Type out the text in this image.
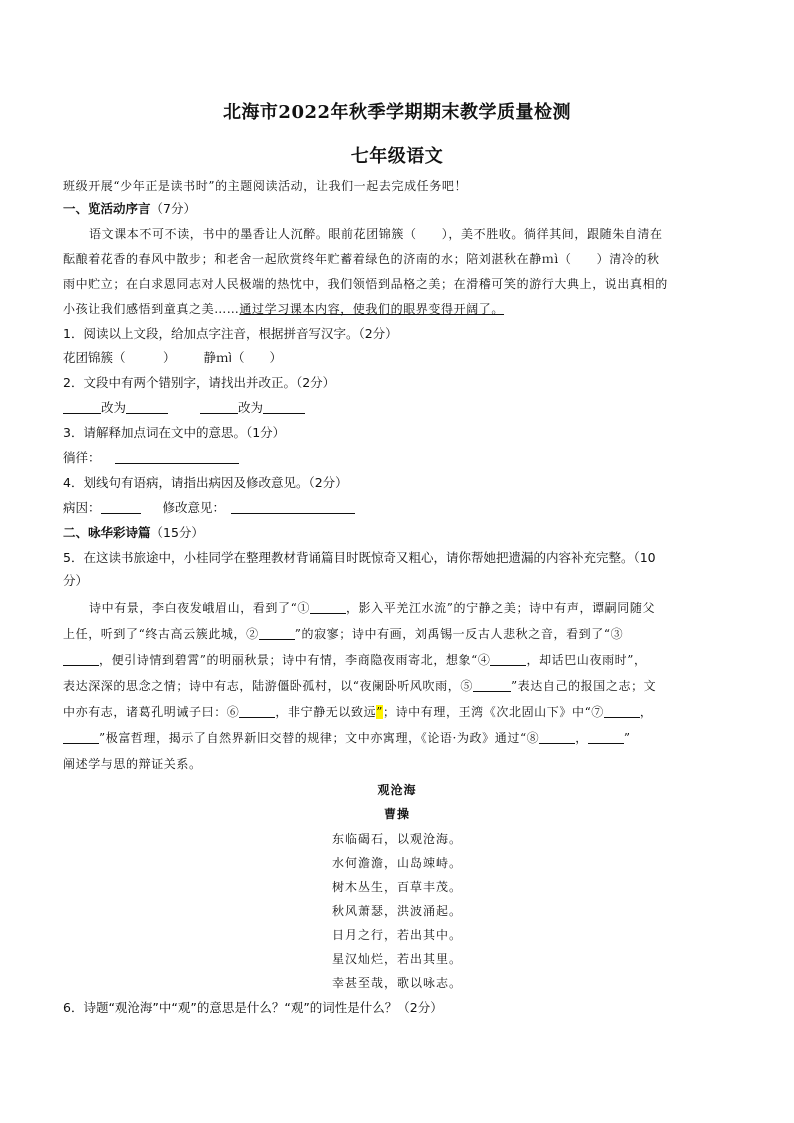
北海市2022年秋季学期期末教学质量检测
七年级语文
班级开展“少年正是读书时”的主题阅读活动，让我们一起去完成任务吧！
一、览活动序言（7分）
语文课本不可不读，书中的墨香让人沉醉。眼前花团锦簇（　　），美不胜收。徜徉其间，跟随朱自清在
酝酿着花香的春风中散步；和老舍一起欣赏终年贮蓄着绿色的济南的水；陪刘湛秋在静ｍì（　　）清冷的秋
雨中贮立；在白求恩同志对人民极端的热忱中，我们领悟到品格之美；在滑稽可笑的游行大典上，说出真相的
小孩让我们感悟到童真之美……通过学习课本内容，使我们的眼界变得开阔了。
1．阅读以上文段，给加点字注音，根据拼音写汉字。（2分）
花团锦簇（　　　） 静ｍì（　　）
2．文段中有两个错别字，请找出并改正。（2分）
改为	改为
3．请解释加点词在文中的意思。（1分）
徜徉：
4．划线句有语病，请指出病因及修改意见。（2分）
病因：	修改意见：
二、咏华彩诗篇（15分）
5．在这读书旅途中，小桂同学在整理教材背诵篇目时既惊奇又粗心，请你帮她把遗漏的内容补充完整。（10
分）
诗中有景，李白夜发峨眉山，看到了“①	，影入平羌江水流”的宁静之美；诗中有声，谭嗣同随父
上任，听到了“终古高云簇此城，②	”的寂寥；诗中有画，刘禹锡一反古人悲秋之音，看到了“③
，便引诗情到碧霄”的明丽秋景；诗中有情，李商隐夜雨寄北，想象“④	，却话巴山夜雨时”，
表达深深的思念之情；诗中有志，陆游僵卧孤村，以“夜阑卧听风吹雨，⑤	”表达自己的报国之志；文
中亦有志，诸葛孔明诫子曰：⑥	，非宁静无以致远”；诗中有理，王湾《次北固山下》中“⑦	，
”极富哲理，揭示了自然界新旧交替的规律；文中亦寓理，《论语·为政》通过“⑧	，	”
阐述学与思的辩证关系。
观沧海
曹操
东临碣石，以观沧海。
水何澹澹，山岛竦峙。
树木丛生，百草丰茂。
秋风萧瑟，洪波涌起。
日月之行，若出其中。
星汉灿烂，若出其里。
幸甚至哉，歌以咏志。
6．诗题“观沧海”中“观”的意思是什么？“观”的词性是什么？（2分）
